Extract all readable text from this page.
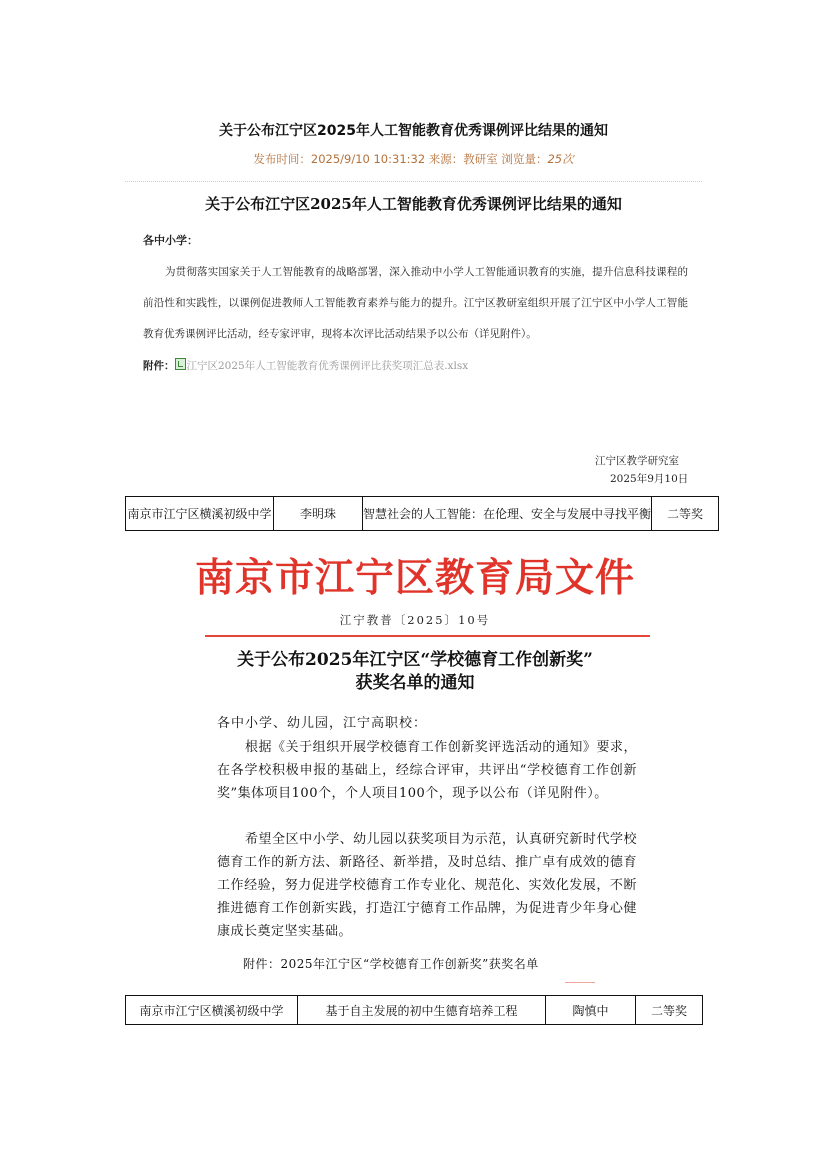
关于公布江宁区2025年人工智能教育优秀课例评比结果的通知
发布时间：2025/9/10 10:31:32 来源：教研室 浏览量：25次
关于公布江宁区2025年人工智能教育优秀课例评比结果的通知
各中小学：
为贯彻落实国家关于人工智能教育的战略部署，深入推动中小学人工智能通识教育的实施，提升信息科技课程的前沿性和实践性，以课例促进教师人工智能教育素养与能力的提升。江宁区教研室组织开展了江宁区中小学人工智能教育优秀课例评比活动，经专家评审，现将本次评比活动结果予以公布（详见附件）。
附件： 江宁区2025年人工智能教育优秀课例评比获奖项汇总表.xlsx
江宁区教学研究室
2025年9月10日
南京市江宁区横溪初级中学	李明珠	智慧社会的人工智能：在伦理、安全与发展中寻找平衡	二等奖
南京市江宁区教育局文件
江宁教普〔2025〕10号
关于公布2025年江宁区“学校德育工作创新奖”
获奖名单的通知
各中小学、幼儿园，江宁高职校：
根据《关于组织开展学校德育工作创新奖评选活动的通知》要求，在各学校积极申报的基础上，经综合评审，共评出“学校德育工作创新奖”集体项目100个，个人项目100个，现予以公布（详见附件）。
希望全区中小学、幼儿园以获奖项目为示范，认真研究新时代学校德育工作的新方法、新路径、新举措，及时总结、推广卓有成效的德育工作经验，努力促进学校德育工作专业化、规范化、实效化发展，不断推进德育工作创新实践，打造江宁德育工作品牌，为促进青少年身心健康成长奠定坚实基础。
附件：2025年江宁区“学校德育工作创新奖”获奖名单
南京市江宁区横溪初级中学	基于自主发展的初中生德育培养工程	陶慎中	二等奖
